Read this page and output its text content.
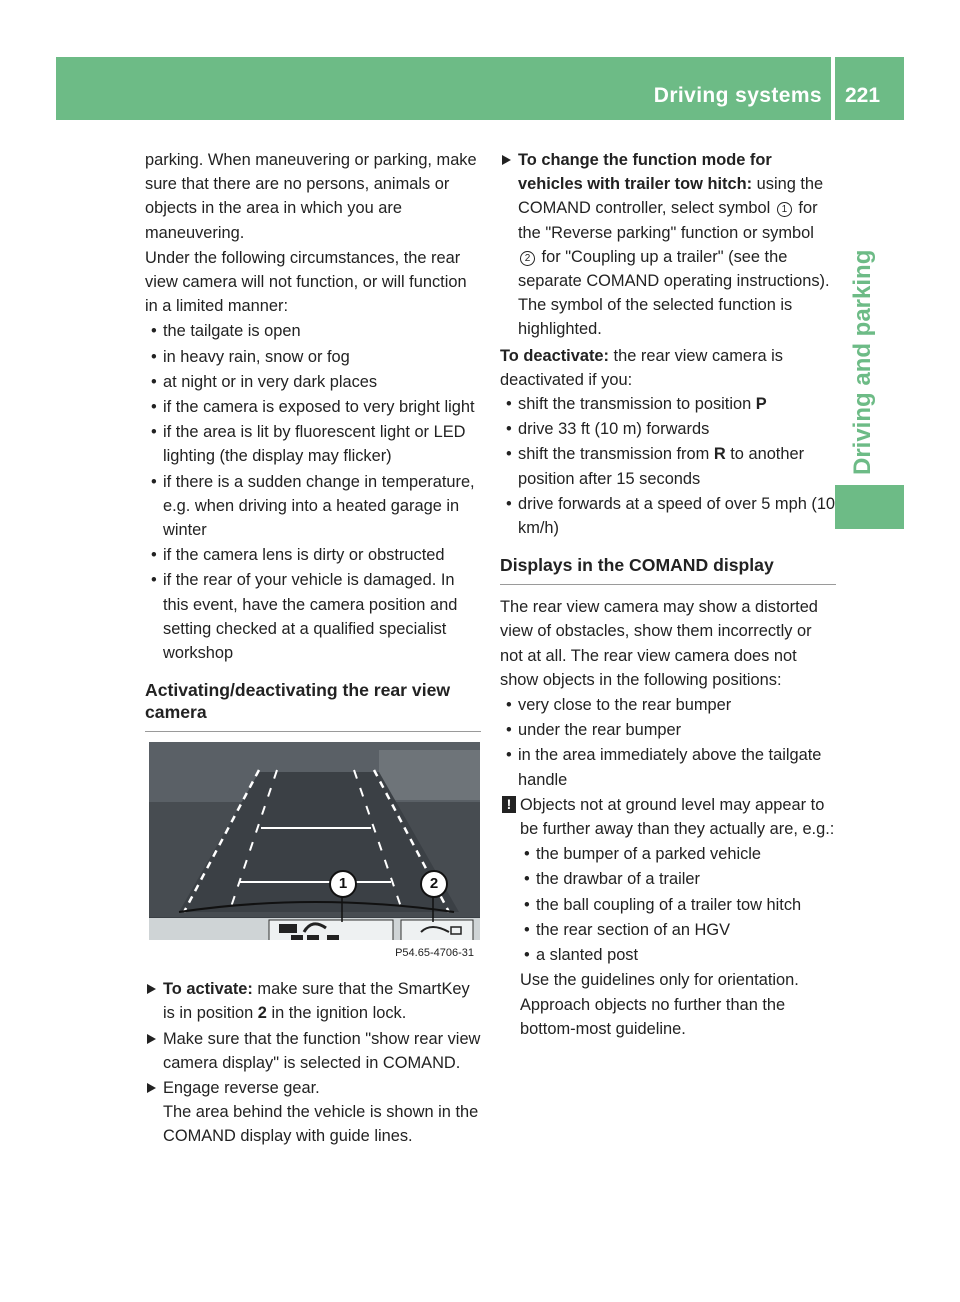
Driving systems 221
Driving and parking

parking. When maneuvering or parking, make sure that there are no persons, animals or objects in the area in which you are maneuvering.

Under the following circumstances, the rear view camera will not function, or will function in a limited manner:

• the tailgate is open
• in heavy rain, snow or fog
• at night or in very dark places
• if the camera is exposed to very bright light
• if the area is lit by fluorescent light or LED lighting (the display may flicker)
• if there is a sudden change in temperature, e.g. when driving into a heated garage in winter
• if the camera lens is dirty or obstructed
• if the rear of your vehicle is damaged. In this event, have the camera position and setting checked at a qualified specialist workshop
Activating/deactivating the rear view camera
1	2
P54.65-4706-31
To activate: make sure that the SmartKey is in position 2 in the ignition lock.
Make sure that the function "show rear view camera display" is selected in COMAND.
Engage reverse gear.
The area behind the vehicle is shown in the COMAND display with guide lines.
To change the function mode for vehicles with trailer tow hitch: using the COMAND controller, select symbol 1 for the "Reverse parking" function or symbol 2 for "Coupling up a trailer" (see the separate COMAND operating instructions).
The symbol of the selected function is highlighted.

To deactivate: the rear view camera is deactivated if you:

• shift the transmission to position P
• drive 33 ft (10 m) forwards
• shift the transmission from R to another position after 15 seconds
• drive forwards at a speed of over 5 mph (10 km/h)
Displays in the COMAND display

The rear view camera may show a distorted view of obstacles, show them incorrectly or not at all. The rear view camera does not show objects in the following positions:

• very close to the rear bumper
• under the rear bumper
• in the area immediately above the tailgate handle
! Objects not at ground level may appear to be further away than they actually are, e.g.:
• the bumper of a parked vehicle
• the drawbar of a trailer
• the ball coupling of a trailer tow hitch
• the rear section of an HGV
• a slanted post

Use the guidelines only for orientation. Approach objects no further than the bottom-most guideline.
